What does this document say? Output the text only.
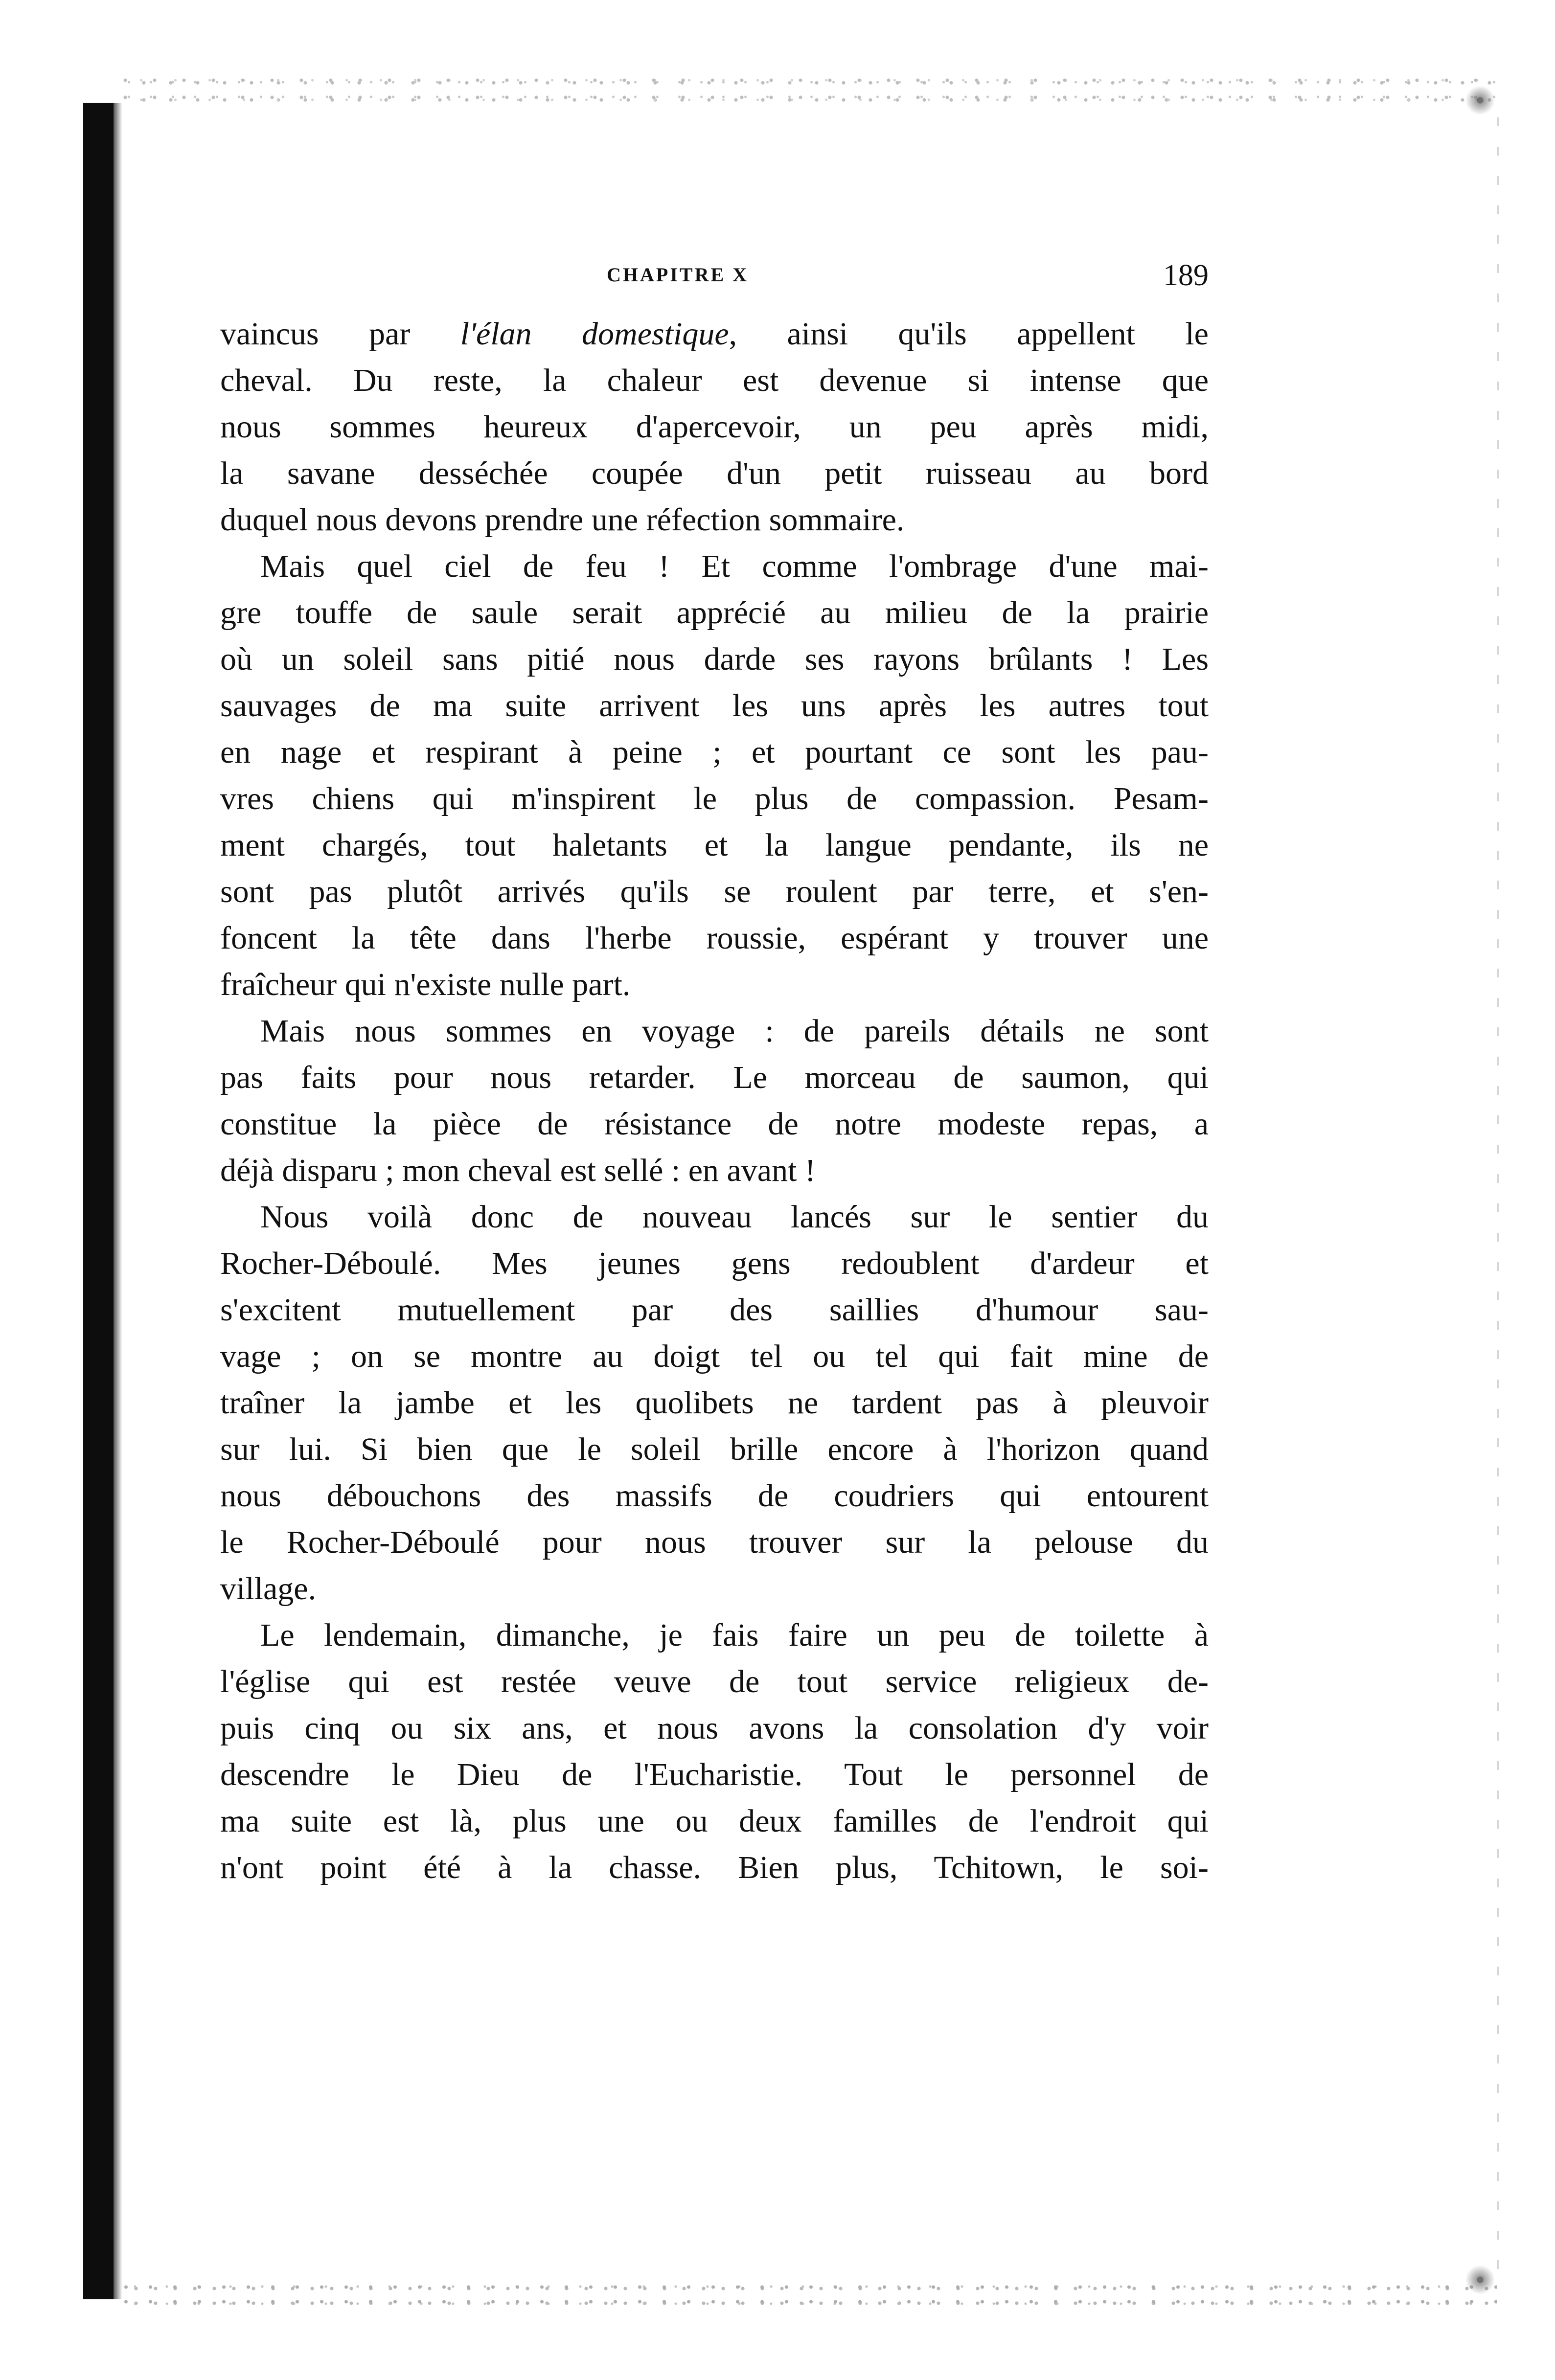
CHAPITRE X	189
vaincus par l'élan domestique, ainsi qu'ils appellent le
cheval. Du reste, la chaleur est devenue si intense que
nous sommes heureux d'apercevoir, un peu après midi,
la savane desséchée coupée d'un petit ruisseau au bord
duquel nous devons prendre une réfection sommaire.
Mais quel ciel de feu ! Et comme l'ombrage d'une mai-
gre touffe de saule serait apprécié au milieu de la prairie
où un soleil sans pitié nous darde ses rayons brûlants ! Les
sauvages de ma suite arrivent les uns après les autres tout
en nage et respirant à peine ; et pourtant ce sont les pau-
vres chiens qui m'inspirent le plus de compassion. Pesam-
ment chargés, tout haletants et la langue pendante, ils ne
sont pas plutôt arrivés qu'ils se roulent par terre, et s'en-
foncent la tête dans l'herbe roussie, espérant y trouver une
fraîcheur qui n'existe nulle part.
Mais nous sommes en voyage : de pareils détails ne sont
pas faits pour nous retarder. Le morceau de saumon, qui
constitue la pièce de résistance de notre modeste repas, a
déjà disparu ; mon cheval est sellé : en avant !
Nous voilà donc de nouveau lancés sur le sentier du
Rocher-Déboulé. Mes jeunes gens redoublent d'ardeur et
s'excitent mutuellement par des saillies d'humour sau-
vage ; on se montre au doigt tel ou tel qui fait mine de
traîner la jambe et les quolibets ne tardent pas à pleuvoir
sur lui. Si bien que le soleil brille encore à l'horizon quand
nous débouchons des massifs de coudriers qui entourent
le Rocher-Déboulé pour nous trouver sur la pelouse du
village.
Le lendemain, dimanche, je fais faire un peu de toilette à
l'église qui est restée veuve de tout service religieux de-
puis cinq ou six ans, et nous avons la consolation d'y voir
descendre le Dieu de l'Eucharistie. Tout le personnel de
ma suite est là, plus une ou deux familles de l'endroit qui
n'ont point été à la chasse. Bien plus, Tchitown, le soi-
